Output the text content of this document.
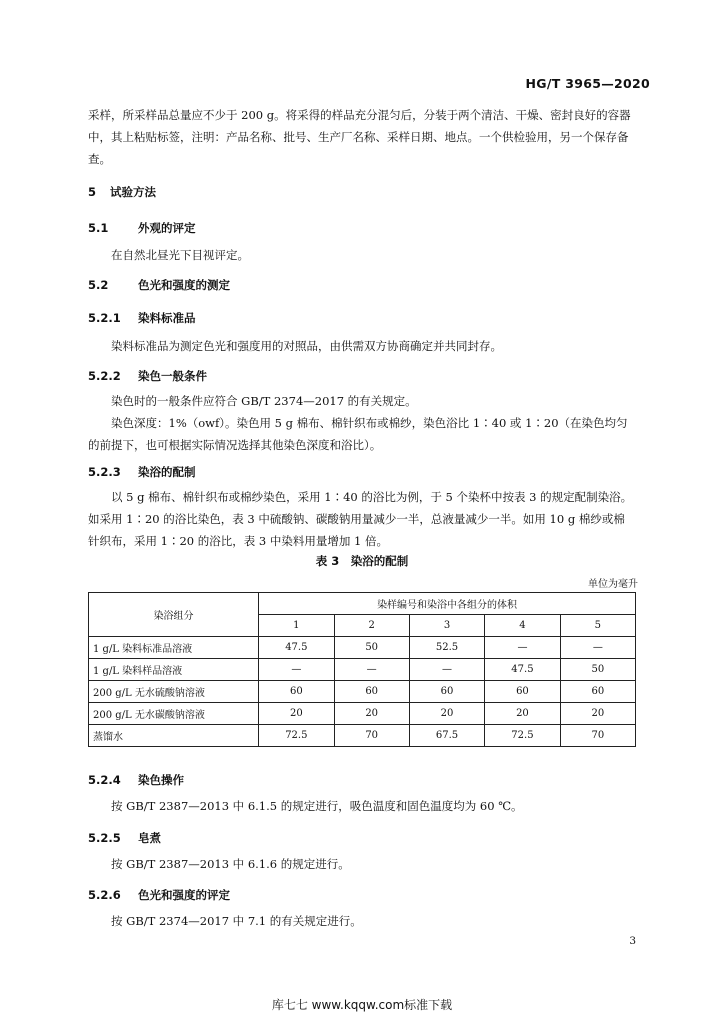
HG/T 3965—2020

采样，所采样品总量应不少于 200 g。将采得的样品充分混匀后，分装于两个清洁、干燥、密封良好的容器中，其上粘贴标签，注明：产品名称、批号、生产厂名称、采样日期、地点。一个供检验用，另一个保存备查。

5 试验方法
5.1	外观的评定

在自然北昼光下目视评定。

5.2	色光和强度的测定
5.2.1 染料标准品

染料标准品为测定色光和强度用的对照品，由供需双方协商确定并共同封存。

5.2.2 染色一般条件

染色时的一般条件应符合 GB/T 2374—2017 的有关规定。

染色深度：1%（owf）。染色用 5 g 棉布、棉针织布或棉纱，染色浴比 1∶40 或 1∶20（在染色均匀的前提下，也可根据实际情况选择其他染色深度和浴比）。

5.2.3 染浴的配制

以 5 g 棉布、棉针织布或棉纱染色，采用 1∶40 的浴比为例，于 5 个染杯中按表 3 的规定配制染浴。如采用 1∶20 的浴比染色，表 3 中硫酸钠、碳酸钠用量减少一半，总液量减少一半。如用 10 g 棉纱或棉针织布，采用 1∶20 的浴比，表 3 中染料用量增加 1 倍。

表 3　染浴的配制
单位为毫升
染浴组分	染样编号和染浴中各组分的体积				
	1	2	3	4	5
1 g/L 染料标准品溶液	47.5	50	52.5	—	—
1 g/L 染料样品溶液	—	—	—	47.5	50
200 g/L 无水硫酸钠溶液	60	60	60	60	60
200 g/L 无水碳酸钠溶液	20	20	20	20	20
蒸馏水	72.5	70	67.5	72.5	70
5.2.4 染色操作

按 GB/T 2387—2013 中 6.1.5 的规定进行，吸色温度和固色温度均为 60 ℃。

5.2.5 皂煮

按 GB/T 2387—2013 中 6.1.6 的规定进行。

5.2.6 色光和强度的评定

按 GB/T 2374—2017 中 7.1 的有关规定进行。

3
库七七 www.kqqw.com标准下载
